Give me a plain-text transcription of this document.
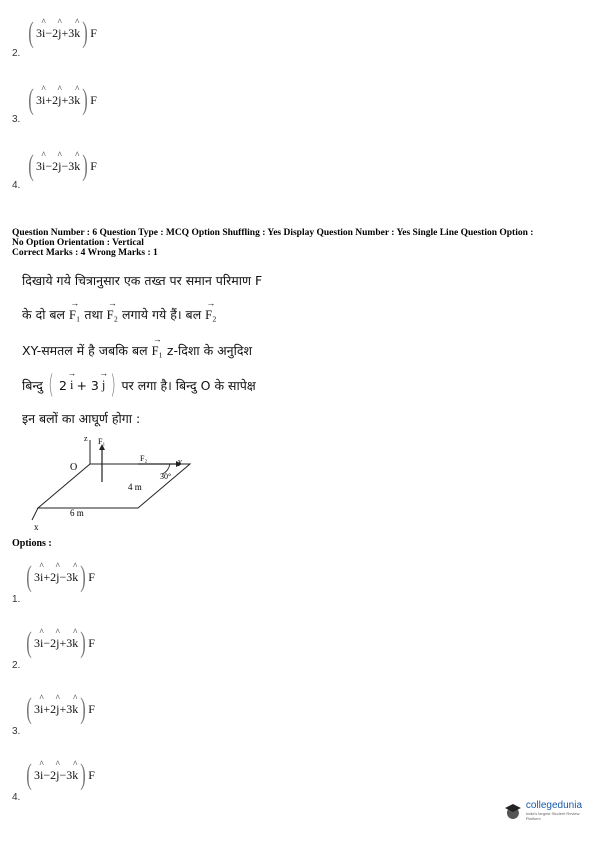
( 3 i
^
−2 j
^
+3 k
^ ) F
2.
( 3 i
^
+2 j
^
+3 k
^ ) F
3.
( 3 i
^
−2 j
^
−3 k
^ ) F
4.
Question Number : 6 Question Type : MCQ Option Shuffling : Yes Display Question Number : Yes Single Line Question Option :
No Option Orientation : Vertical
Correct Marks : 4 Wrong Marks : 1
दिखाये गये चित्रानुसार एक तख्त पर समान परिमाण F
के दो बल
→
F₁ तथा
→
F₂ लगाये गये हैं। बल
→
F₂
XY-समतल में है जबकि बल
→
F₁ z-दिशा के अनुदिश
बिन्दु ( 2
→
i + 3
→
j ) पर लगा है। बिन्दु O के सापेक्ष
इन बलों का आघूर्ण होगा :
x
z F₁
O
F₂	y
30°
4 m
6 m
Options :
( 3 i
^
+2 j
^
−3 k
^ ) F
1.
( 3 i
^
−2 j
^
+3 k
^ ) F
2.
( 3 i
^
+2 j
^
+3 k
^ ) F
3.
( 3 i
^
−2 j
^
−3 k
^ ) F
4.
collegedunia
India's largest Student Review Platform
